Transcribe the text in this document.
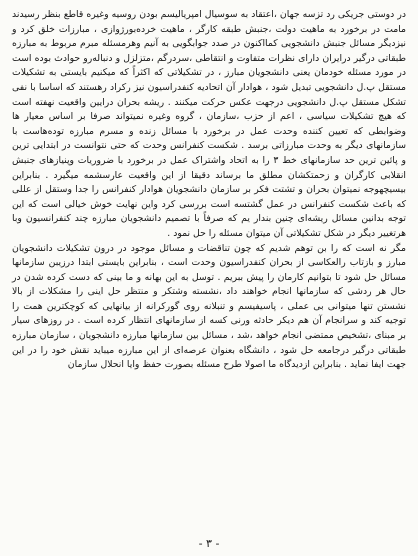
در دوستی جریکی رد تزسه جهان ،اعتقاد به سوسیال امپریالیسم بودن روسیه وغیره قاطع بنظر رسیدند مامت در برخورد به ماهیت دولت ،جنبش طبقه کارگر ، ماهیت خرده‌بورژوازی ، مبارزات خلق کرد و نیزدیگر مسائل جنبش دانشجویی کمااکنون در صدد جوابگویی به آنیم وهرمسئله مبرم مربوط به مبارزه طبقاتی درگیر درایران دارای نظرات متفاوت و انتقاطی ،سردرگم ،متزلزل و دنباله‌رو حوادث بوده است در مورد مسئله خودمان یعنی دانشجویان مبارز ، در تشکیلاتی که اکثراً که میکنیم بایستی به تشکیلات مستقل پ.ل دانشجویی تبدیل شود ، هوادار آن اتحادیه کنفدراسیون نیز رکراد رهستند که اساسا با نفی تشکل مستقل پ.ل دانشجویی درجهت عکس حرکت میکنند . ریشه بحران درایین واقعیت نهفته است که هیچ تشکیلات سیاسی ، اعم از حزب ،سازمان ، گروه وغیره نمیتواند صرفا بر اساس معیار ها وضوابطی که تعیین کننده وحدت عمل در برخورد با مسائل زنده و مسرم مبارزه توده‌هاست با سازمانهای دیگر به وحدت مبارزاتی برسد . شکست کنفرانس وحدت که حتی نتوانست در ابتدایی ترین و پائین ترین حد سازمانهای خط ۳ را به اتحاد واشتراک عمل در برخورد با ضروریات وپنیازهای جنبش انقلابی کارگران و زحمتکشان مطلق ما برساند دقیقا از این واقعیت عارسشمه میگیرد . بنابراین بیسیچهوجه نمیتوان بحران و تشتت فکر بر سازمان دانشجویان هوادار کنفرانس را جدا وستقل از عللی که باعث شکست کنفرانس در عمل گشتسه است بررسی کرد واین نهایت خوش خیالی است که این توجه بدانین مسائل ریشه‌ای چنین بندار یم که صرفاً با تصمیم دانشجویان مبارزه چند کنفرانسیون وبا هرتغییر دیگر در شکل تشکیلاتی آن میتوان مسئله را حل نمود .

مگر نه است که را بن توهم شدیم که چون تناقضات و مسائل موجود در درون تشکیلات دانشجویان مبارز و بازتاب رالعکاسی از بحران کنفدراسیون وحدت است ، بنابراین بایستی ابتدا درزیبن سازمانها مسائل حل شود تا بتوانیم کارمان را پیش ببریم . توسل به این بهانه و ما بینی که دست کرده شدن در حال هر ردشی که سازمانها انجام خواهند داد ،نشسته وشتکر و منتظر حل اینی را مشکلات از بالا نشستن تنها میتوانی بی عملی ، پاسیفیسم و تنبلانه روی گوركرانه از بیانهایی که کوچکترین همت را توجیه کند و سرانجام آن هم دیکر حادثه ورنی کسه از سازمانهای انتظار کرده است . در روزهای سیار بر مبنای ،تشخیص ممتضی انجام خواهد ،شد ، مسائل بین سازمانها مبارزه دانشجویان ، سازمان مبارزه طبقاتی درگیر درجامعه حل شود ، دانشگاه بعنوان عرصه‌ای از این مبارزه میباید نقش خود را در این جهت ایفا نماید . بنابراین ازدیدگاه ما اصولا طرح مسئله بصورت حفظ وایا انحلال سازمان

- ۳ -
